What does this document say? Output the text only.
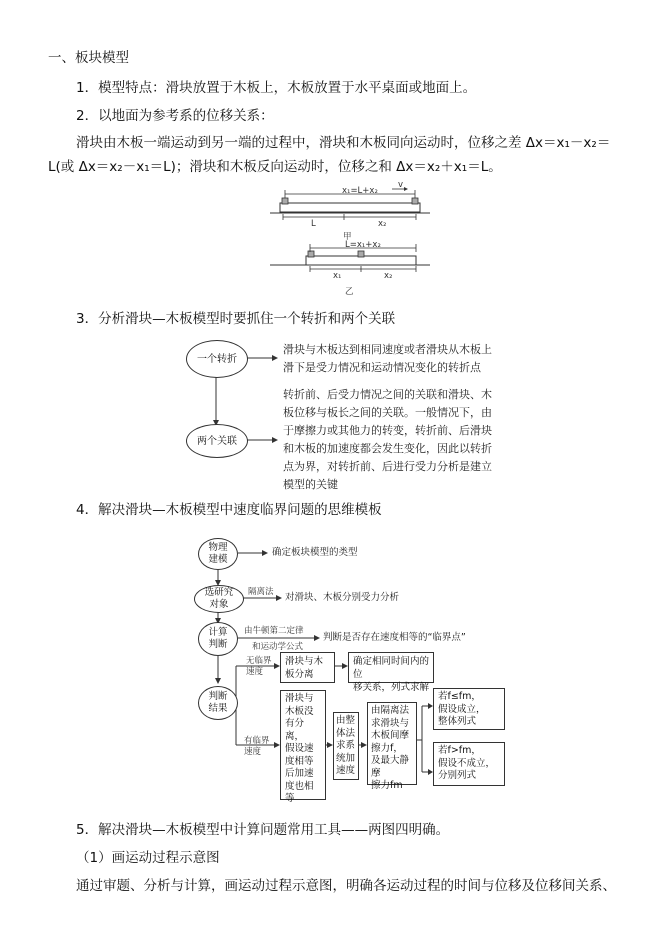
一、板块模型
1．模型特点：滑块放置于木板上，木板放置于水平桌面或地面上。
2．以地面为参考系的位移关系：
滑块由木板一端运动到另一端的过程中，滑块和木板同向运动时，位移之差 Δx＝x₁－x₂＝
L(或 Δx＝x₂－x₁＝L)；滑块和木板反向运动时，位移之和 Δx＝x₂＋x₁＝L。
x₁=L+x₂
v
L	x₂
甲
L=x₁+x₂
x₁	x₂
乙
3．分析滑块—木板模型时要抓住一个转折和两个关联
一个转折
两个关联
滑块与木板达到相同速度或者滑块从木板上
滑下是受力情况和运动情况变化的转折点
转折前、后受力情况之间的关联和滑块、木
板位移与板长之间的关联。一般情况下，由
于摩擦力或其他力的转变，转折前、后滑块
和木板的加速度都会发生变化，因此以转折
点为界，对转折前、后进行受力分析是建立
模型的关键
4．解决滑块—木板模型中速度临界问题的思维模板
物理
建模
确定板块模型的类型
选研究
对象
隔离法 对滑块、木板分别受力分析
计算
判断
由牛顿第二定律
和运动学公式
判断是否存在速度相等的“临界点”
判断
结果
无临界
速度
滑块与木
板分离
确定相同时间内的位
移关系，列式求解
有临界
速度
滑块与
木板没
有分离，
假设速
度相等
后加速
度也相
等
由整
体法
求系
统加
速度
由隔离法
求滑块与
木板间摩
擦力f，
及最大静摩
擦力fm
若f≤fm，
假设成立，
整体列式
若f>fm，
假设不成立，
分别列式
5．解决滑块—木板模型中计算问题常用工具——两图四明确。
（1）画运动过程示意图
通过审题、分析与计算，画运动过程示意图，明确各运动过程的时间与位移及位移间关系、
